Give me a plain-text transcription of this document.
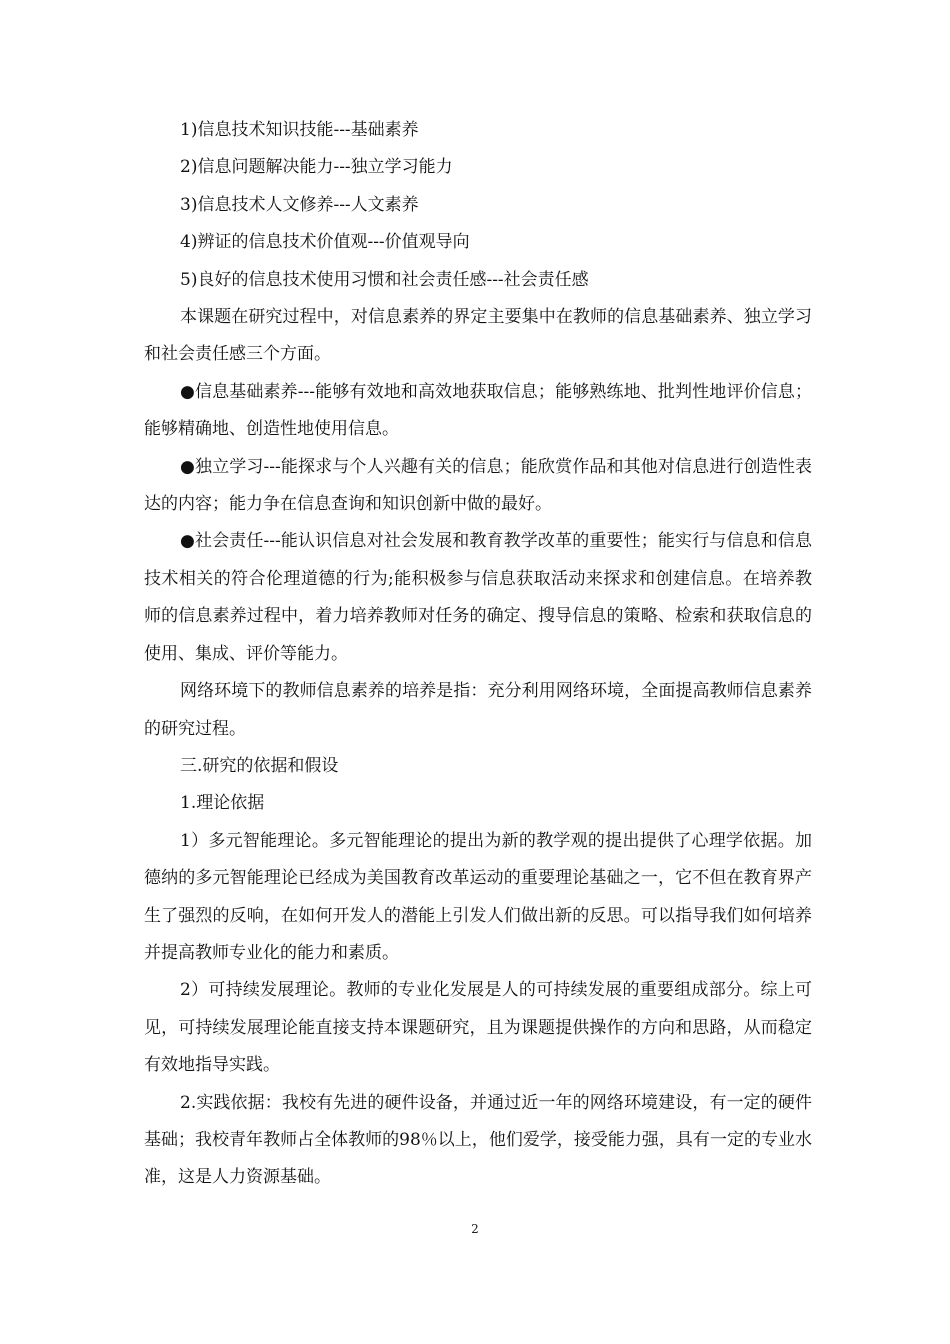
1)信息技术知识技能---基础素养

2)信息问题解决能力---独立学习能力

3)信息技术人文修养---人文素养

4)辨证的信息技术价值观---价值观导向

5)良好的信息技术使用习惯和社会责任感---社会责任感

本课题在研究过程中，对信息素养的界定主要集中在教师的信息基础素养、独立学习和社会责任感三个方面。

●信息基础素养---能够有效地和高效地获取信息；能够熟练地、批判性地评价信息；能够精确地、创造性地使用信息。

●独立学习---能探求与个人兴趣有关的信息；能欣赏作品和其他对信息进行创造性表达的内容；能力争在信息查询和知识创新中做的最好。

●社会责任---能认识信息对社会发展和教育教学改革的重要性；能实行与信息和信息技术相关的符合伦理道德的行为;能积极参与信息获取活动来探求和创建信息。在培养教师的信息素养过程中，着力培养教师对任务的确定、搜导信息的策略、检索和获取信息的使用、集成、评价等能力。

网络环境下的教师信息素养的培养是指：充分利用网络环境，全面提高教师信息素养的研究过程。

三.研究的依据和假设

1.理论依据

1）多元智能理论。多元智能理论的提出为新的教学观的提出提供了心理学依据。加德纳的多元智能理论已经成为美国教育改革运动的重要理论基础之一，它不但在教育界产生了强烈的反响，在如何开发人的潜能上引发人们做出新的反思。可以指导我们如何培养并提高教师专业化的能力和素质。

2）可持续发展理论。教师的专业化发展是人的可持续发展的重要组成部分。综上可见，可持续发展理论能直接支持本课题研究，且为课题提供操作的方向和思路，从而稳定有效地指导实践。

2.实践依据：我校有先进的硬件设备，并通过近一年的网络环境建设，有一定的硬件基础；我校青年教师占全体教师的98％以上，他们爱学，接受能力强，具有一定的专业水准，这是人力资源基础。

2
